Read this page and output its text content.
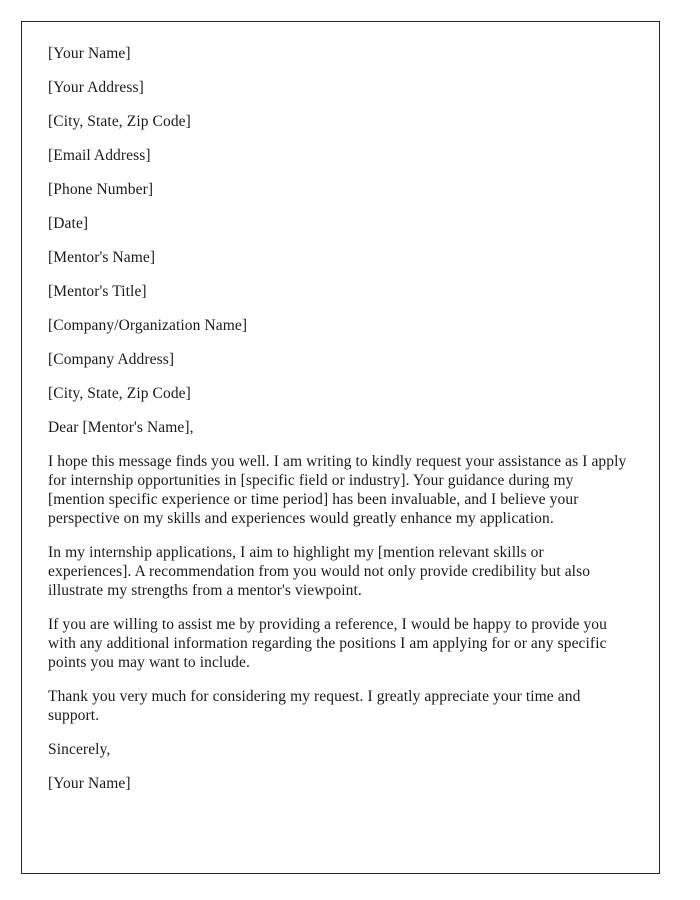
[Your Name]

[Your Address]

[City, State, Zip Code]

[Email Address]

[Phone Number]

[Date]

[Mentor's Name]

[Mentor's Title]

[Company/Organization Name]

[Company Address]

[City, State, Zip Code]

Dear [Mentor's Name],

I hope this message finds you well. I am writing to kindly request your assistance as I apply for internship opportunities in [specific field or industry]. Your guidance during my [mention specific experience or time period] has been invaluable, and I believe your perspective on my skills and experiences would greatly enhance my application.

In my internship applications, I aim to highlight my [mention relevant skills or experiences]. A recommendation from you would not only provide credibility but also illustrate my strengths from a mentor's viewpoint.

If you are willing to assist me by providing a reference, I would be happy to provide you with any additional information regarding the positions I am applying for or any specific points you may want to include.

Thank you very much for considering my request. I greatly appreciate your time and support.

Sincerely,

[Your Name]
